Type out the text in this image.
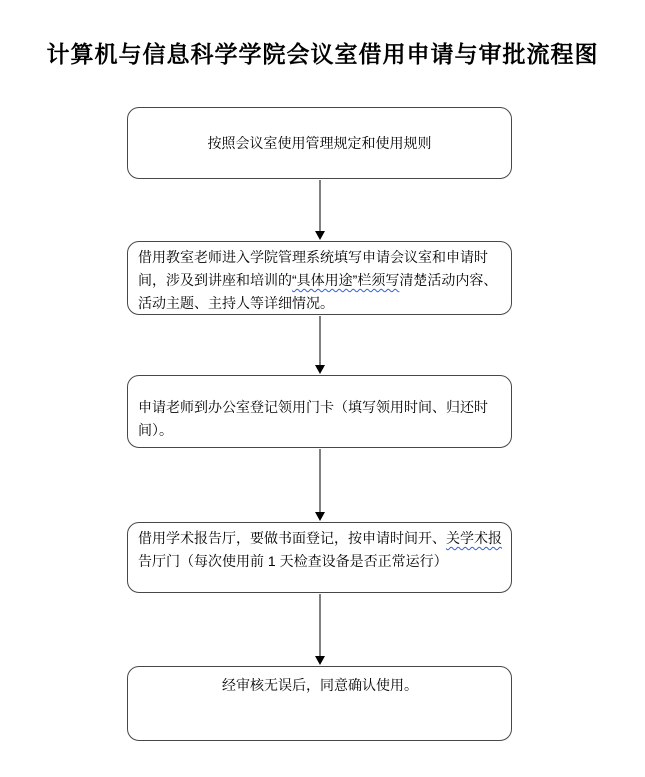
计算机与信息科学学院会议室借用申请与审批流程图
按照会议室使用管理规定和使用规则
借用教室老师进入学院管理系统填写申请会议室和申请时
间，涉及到讲座和培训的“具体用途”栏须写清楚活动内容、
活动主题、主持人等详细情况。
申请老师到办公室登记领用门卡（填写领用时间、归还时
间）。
借用学术报告厅，要做书面登记，按申请时间开、关学术报
告厅门（每次使用前 1 天检查设备是否正常运行）
经审核无误后，同意确认使用。
